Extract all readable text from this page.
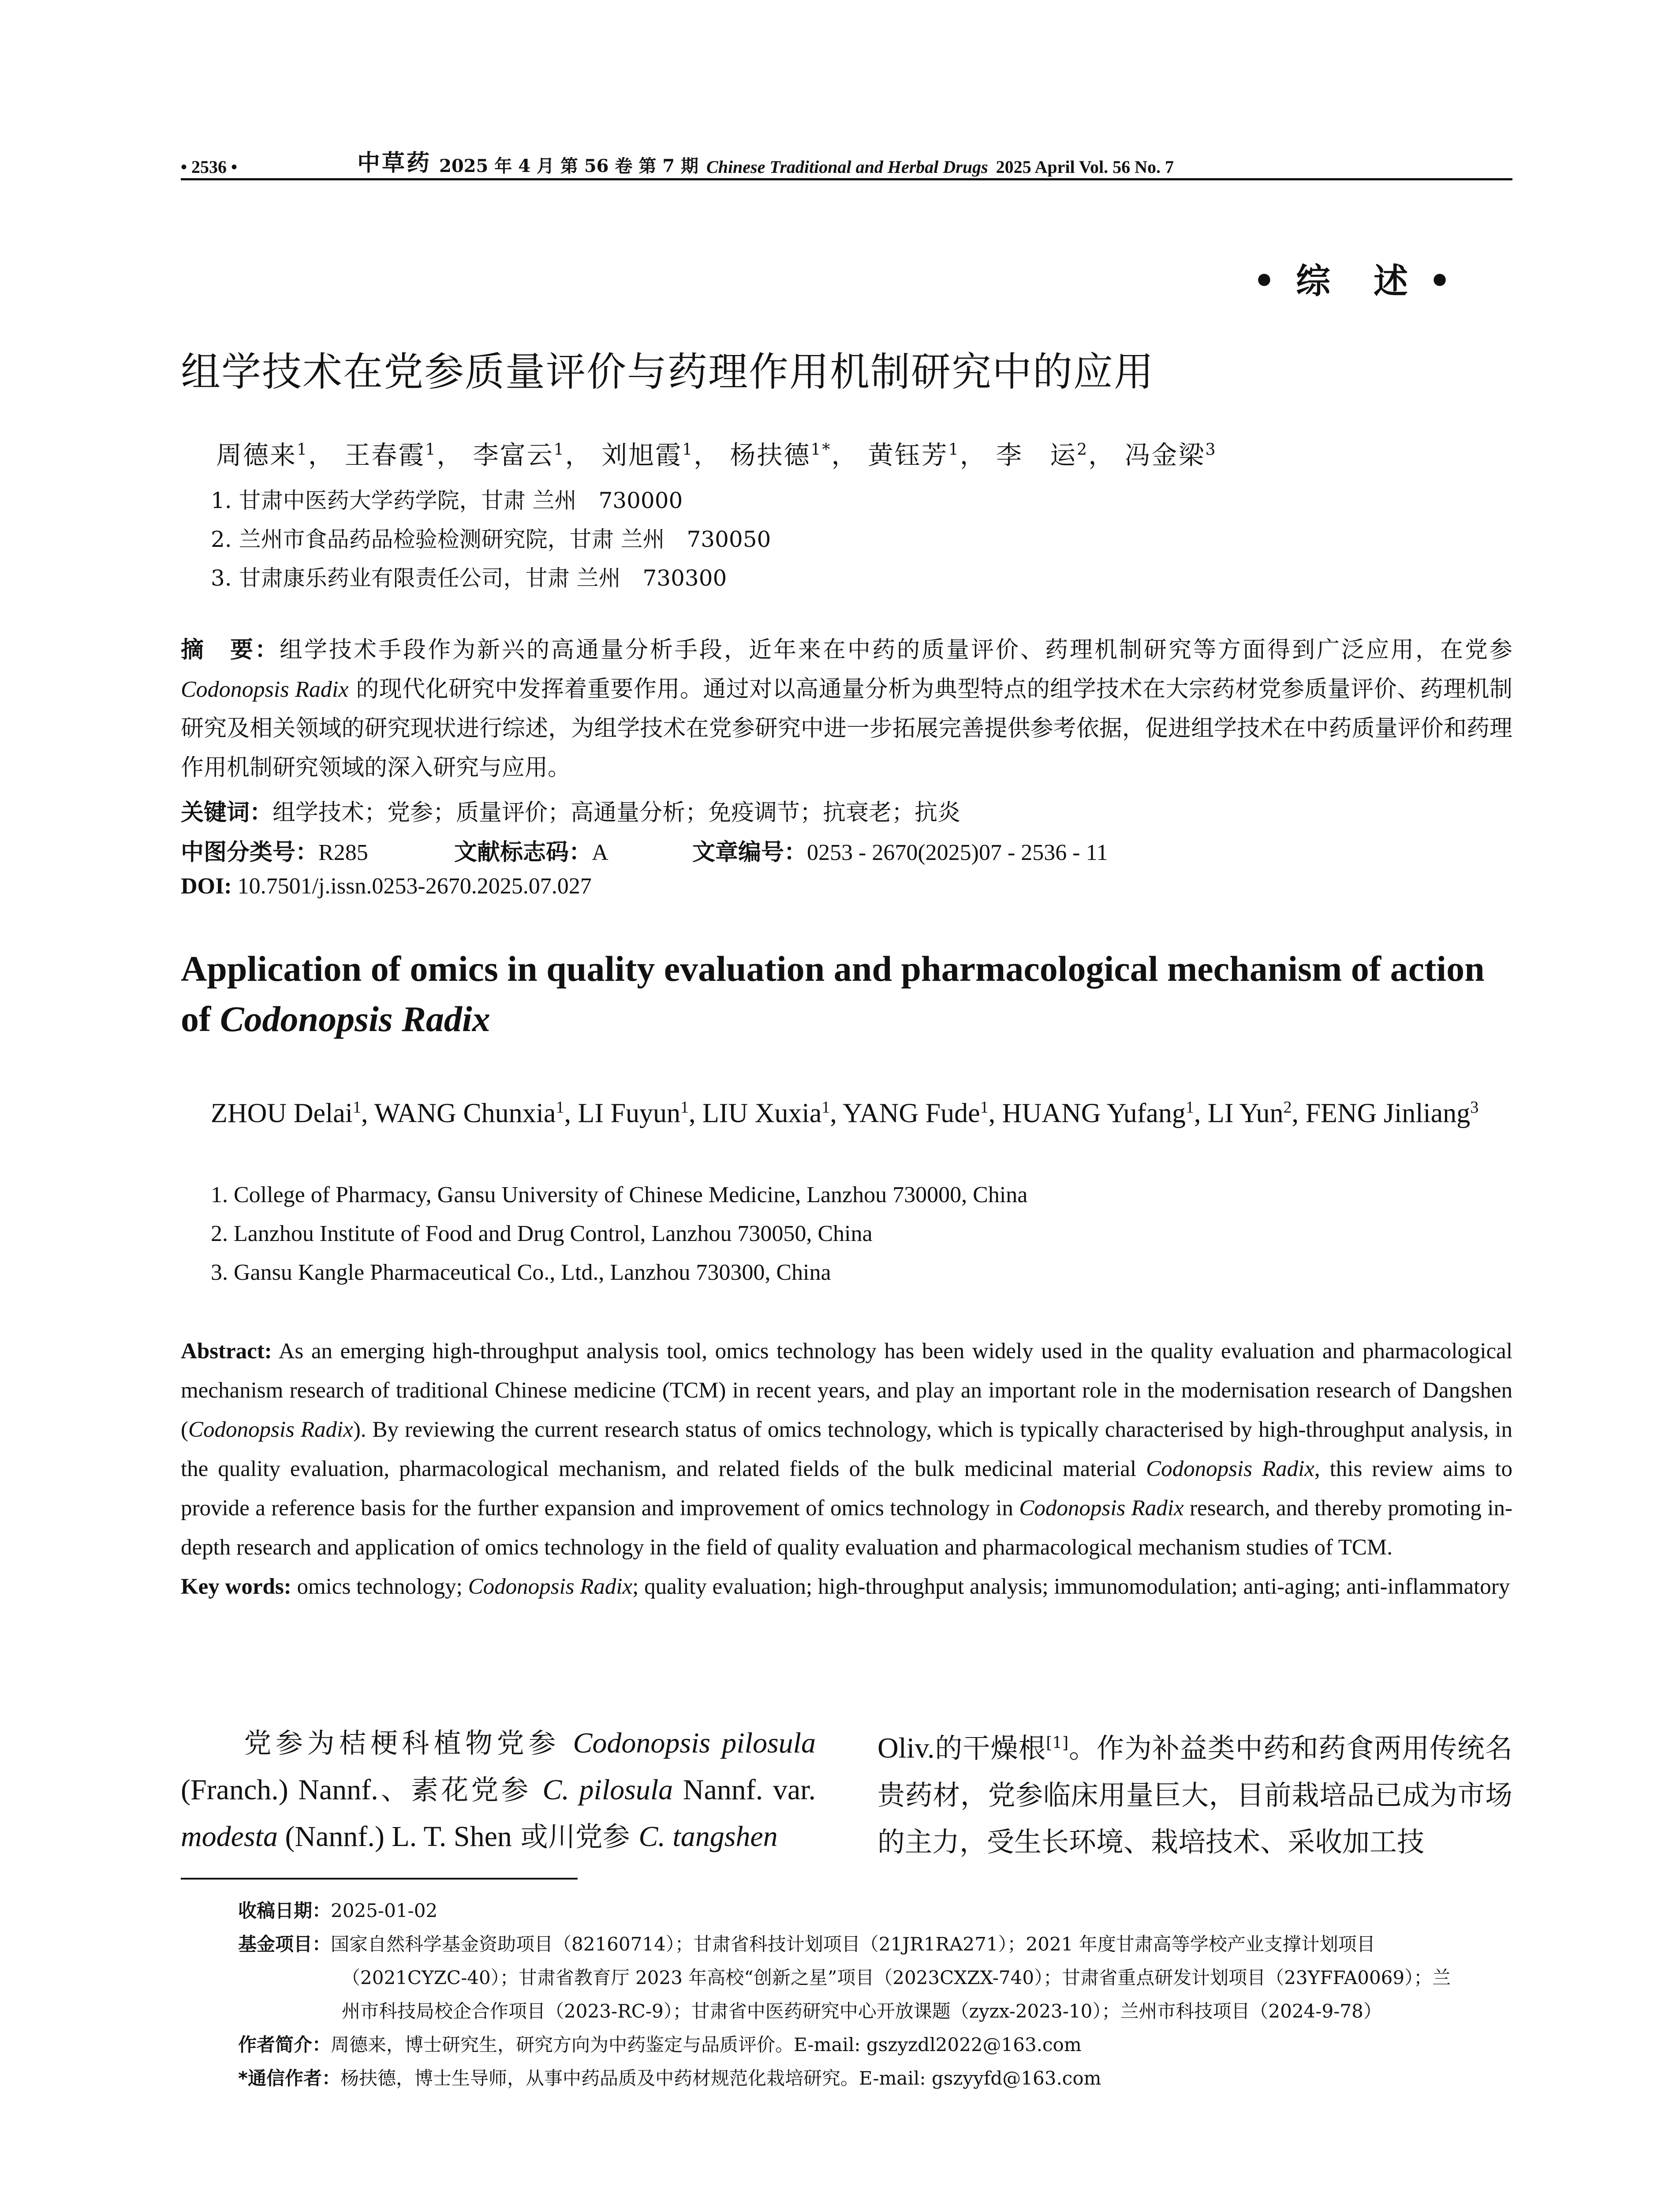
• 2536 •	中草药 2025 年 4 月 第 56 卷 第 7 期 Chinese Traditional and Herbal Drugs 2025 April Vol. 56 No. 7
• 综　述 •
组学技术在党参质量评价与药理作用机制研究中的应用
周德来$^1$， 王春霞$^1$， 李富云$^1$， 刘旭霞$^1$， 杨扶德$^{1*}$， 黄钰芳$^1$， 李　运$^2$， 冯金梁$^3$
1. 甘肃中医药大学药学院，甘肃 兰州　730000
2. 兰州市食品药品检验检测研究院，甘肃 兰州　730050
3. 甘肃康乐药业有限责任公司，甘肃 兰州　730300
摘　要：组学技术手段作为新兴的高通量分析手段，近年来在中药的质量评价、药理机制研究等方面得到广泛应用，在党参 Codonopsis Radix 的现代化研究中发挥着重要作用。通过对以高通量分析为典型特点的组学技术在大宗药材党参质量评价、药理机制研究及相关领域的研究现状进行综述，为组学技术在党参研究中进一步拓展完善提供参考依据，促进组学技术在中药质量评价和药理作用机制研究领域的深入研究与应用。
关键词：组学技术；党参；质量评价；高通量分析；免疫调节；抗衰老；抗炎
中图分类号：R285	文献标志码：A	文章编号：0253 - 2670(2025)07 - 2536 - 11
DOI: 10.7501/j.issn.0253-2670.2025.07.027
Application of omics in quality evaluation and pharmacological mechanism of action of Codonopsis Radix
ZHOU Delai$^1$, WANG Chunxia$^1$, LI Fuyun$^1$, LIU Xuxia$^1$, YANG Fude$^1$, HUANG Yufang$^1$, LI Yun$^2$, FENG Jinliang$^3$
1. College of Pharmacy, Gansu University of Chinese Medicine, Lanzhou 730000, China
2. Lanzhou Institute of Food and Drug Control, Lanzhou 730050, China
3. Gansu Kangle Pharmaceutical Co., Ltd., Lanzhou 730300, China
Abstract: As an emerging high-throughput analysis tool, omics technology has been widely used in the quality evaluation and pharmacological mechanism research of traditional Chinese medicine (TCM) in recent years, and play an important role in the modernisation research of Dangshen (Codonopsis Radix). By reviewing the current research status of omics technology, which is typically characterised by high-throughput analysis, in the quality evaluation, pharmacological mechanism, and related fields of the bulk medicinal material Codonopsis Radix, this review aims to provide a reference basis for the further expansion and improvement of omics technology in Codonopsis Radix research, and thereby promoting in-depth research and application of omics technology in the field of quality evaluation and pharmacological mechanism studies of TCM.
Key words: omics technology; Codonopsis Radix; quality evaluation; high-throughput analysis; immunomodulation; anti-aging; anti-inflammatory
　　党参为桔梗科植物党参 Codonopsis pilosula (Franch.) Nannf.、素花党参 C. pilosula Nannf. var. modesta (Nannf.) L. T. Shen 或川党参 C. tangshen
Oliv.的干燥根[1]。作为补益类中药和药食两用传统名贵药材，党参临床用量巨大，目前栽培品已成为市场的主力，受生长环境、栽培技术、采收加工技
收稿日期：2025-01-02
基金项目：国家自然科学基金资助项目（82160714）；甘肃省科技计划项目（21JR1RA271）；2021 年度甘肃高等学校产业支撑计划项目
（2021CYZC-40）；甘肃省教育厅 2023 年高校“创新之星”项目（2023CXZX-740）；甘肃省重点研发计划项目（23YFFA0069）；兰
州市科技局校企合作项目（2023-RC-9）；甘肃省中医药研究中心开放课题（zyzx-2023-10）；兰州市科技项目（2024-9-78）
作者简介：周德来，博士研究生，研究方向为中药鉴定与品质评价。E-mail: gszyzdl2022@163.com
*通信作者：杨扶德，博士生导师，从事中药品质及中药材规范化栽培研究。E-mail: gszyyfd@163.com
